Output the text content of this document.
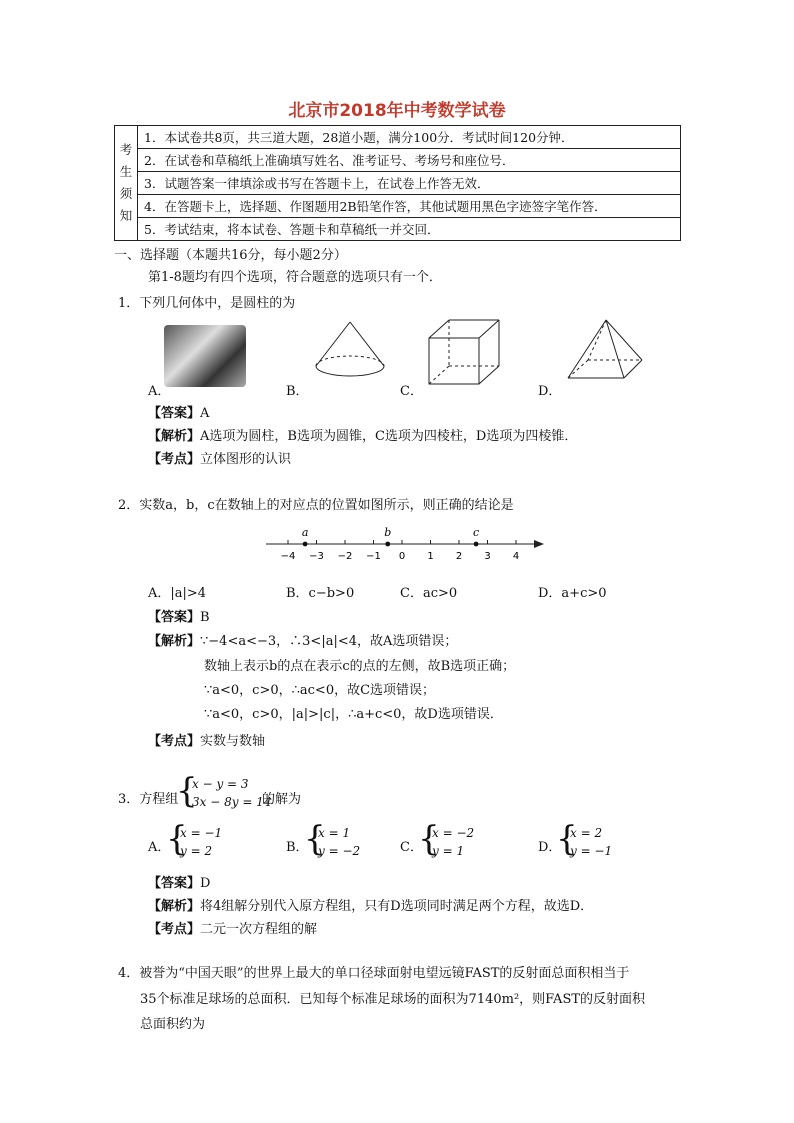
北京市2018年中考数学试卷
考
生
须
知
	1．本试卷共8页，共三道大题，28道小题，满分100分．考试时间120分钟．
2．在试卷和草稿纸上准确填写姓名、准考证号、考场号和座位号．
3．试题答案一律填涂或书写在答题卡上，在试卷上作答无效．
4．在答题卡上，选择题、作图题用2B铅笔作答，其他试题用黑色字迹签字笔作答．
5．考试结束，将本试卷、答题卡和草稿纸一并交回．
一、选择题（本题共16分，每小题2分）
第1-8题均有四个选项，符合题意的选项只有一个．
1．下列几何体中，是圆柱的为
A．	B．	C．	D．
【答案】A
【解析】A选项为圆柱，B选项为圆锥，C选项为四棱柱，D选项为四棱锥．
【考点】立体图形的认识
2．实数a，b，c在数轴上的对应点的位置如图所示，则正确的结论是
−4 −3 −2 −1 0 1 2 3 4
a	b	c
A．|a|>4	B．c−b>0	C．ac>0	D．a+c>0
【答案】B
【解析】∵−4<a<−3，∴3<|a|<4，故A选项错误；
数轴上表示b的点在表示c的点的左侧，故B选项正确；
∵a<0，c>0，∴ac<0，故C选项错误；
∵a<0，c>0，|a|>|c|，∴a+c<0，故D选项错误．
【考点】实数与数轴
3．方程组
{
x − y = 3
3x − 8y = 14
的解为
A．
{
x = −1
y = 2	B．
{
x = 1
y = −2	C．
{
x = −2
y = 1	D．
{
x = 2
y = −1
【答案】D
【解析】将4组解分别代入原方程组，只有D选项同时满足两个方程，故选D．
【考点】二元一次方程组的解
4．被誉为“中国天眼”的世界上最大的单口径球面射电望远镜FAST的反射面总面积相当于
35个标准足球场的总面积．已知每个标准足球场的面积为7140m²，则FAST的反射面积
总面积约为
